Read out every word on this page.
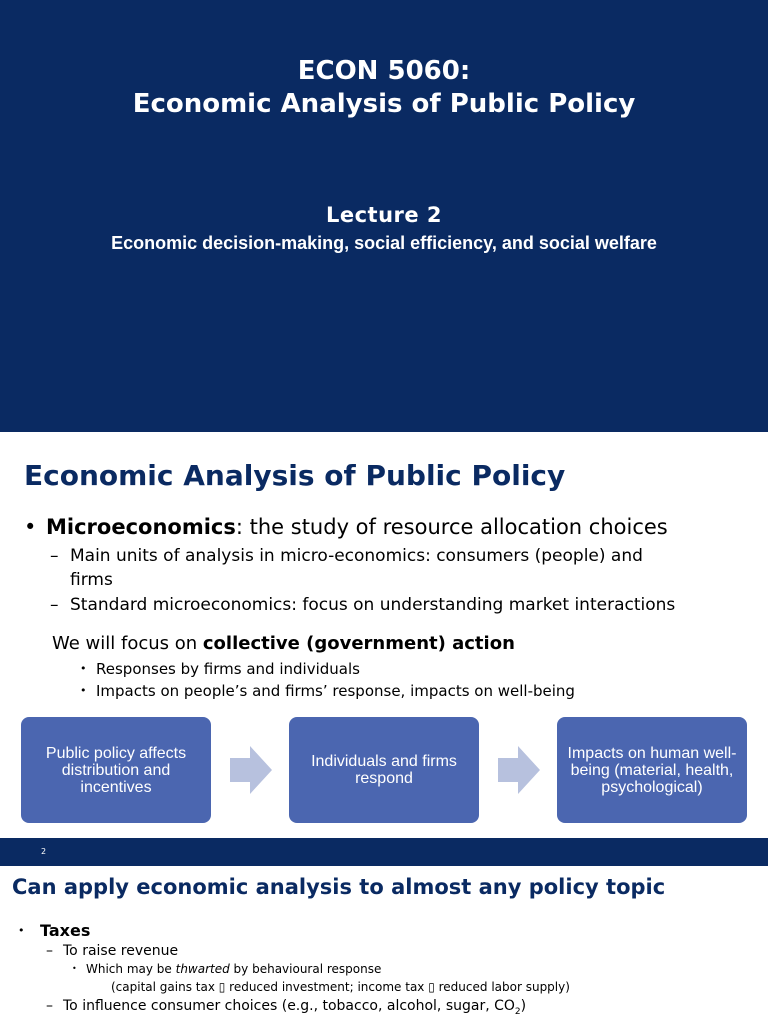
ECON 5060:
Economic Analysis of Public Policy
Lecture 2
Economic decision-making, social efficiency, and social welfare
Economic Analysis of Public Policy
• Microeconomics: the study of resource allocation choices
– Main units of analysis in micro-economics: consumers (people) and
firms
– Standard microeconomics: focus on understanding market interactions
We will focus on collective (government) action
• Responses by firms and individuals
• Impacts on people’s and firms’ response, impacts on well-being
Public policy affects distribution and incentives
Individuals and firms respond
Impacts on human well-being (material, health, psychological)
2
Can apply economic analysis to almost any policy topic
• Taxes
– To raise revenue
• Which may be thwarted by behavioural response
(capital gains tax ▯ reduced investment; income tax ▯ reduced labor supply)
– To influence consumer choices (e.g., tobacco, alcohol, sugar, $CO_2$)
